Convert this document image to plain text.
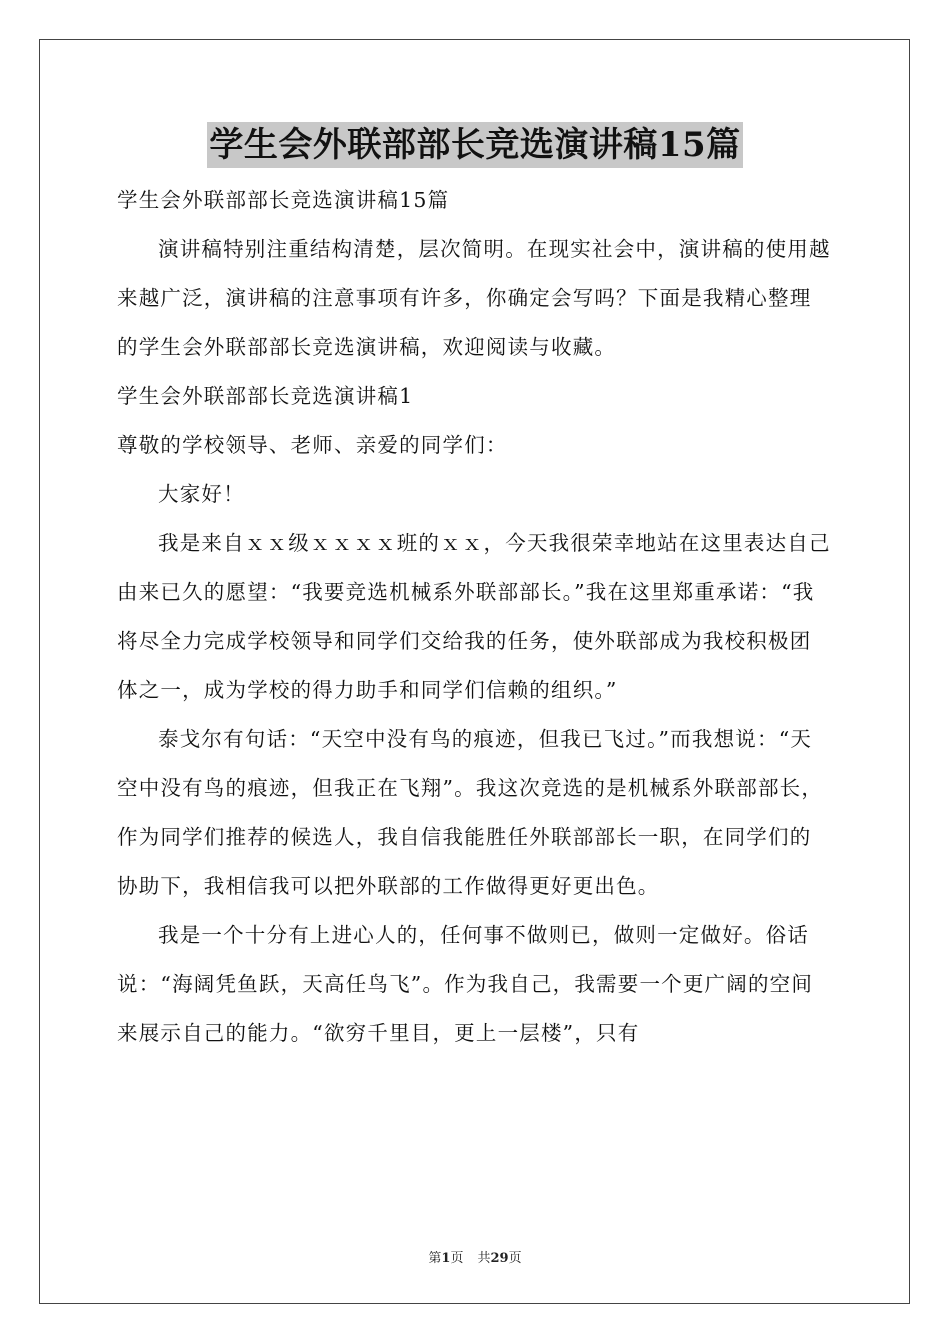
学生会外联部部长竞选演讲稿15篇

学生会外联部部长竞选演讲稿15篇

演讲稿特别注重结构清楚，层次简明。在现实社会中，演讲稿的使用越来越广泛，演讲稿的注意事项有许多，你确定会写吗？下面是我精心整理的学生会外联部部长竞选演讲稿，欢迎阅读与收藏。

学生会外联部部长竞选演讲稿1

尊敬的学校领导、老师、亲爱的同学们：

大家好！

我是来自ｘｘ级ｘｘｘｘ班的ｘｘ，今天我很荣幸地站在这里表达自己由来已久的愿望：“我要竞选机械系外联部部长。”我在这里郑重承诺：“我将尽全力完成学校领导和同学们交给我的任务，使外联部成为我校积极团体之一，成为学校的得力助手和同学们信赖的组织。”

泰戈尔有句话：“天空中没有鸟的痕迹，但我已飞过。”而我想说：“天空中没有鸟的痕迹，但我正在飞翔”。我这次竞选的是机械系外联部部长，作为同学们推荐的候选人，我自信我能胜任外联部部长一职，在同学们的协助下，我相信我可以把外联部的工作做得更好更出色。

我是一个十分有上进心人的，任何事不做则已，做则一定做好。俗话说：“海阔凭鱼跃，天高任鸟飞”。作为我自己，我需要一个更广阔的空间来展示自己的能力。“欲穷千里目，更上一层楼”，只有

第1页 共29页
